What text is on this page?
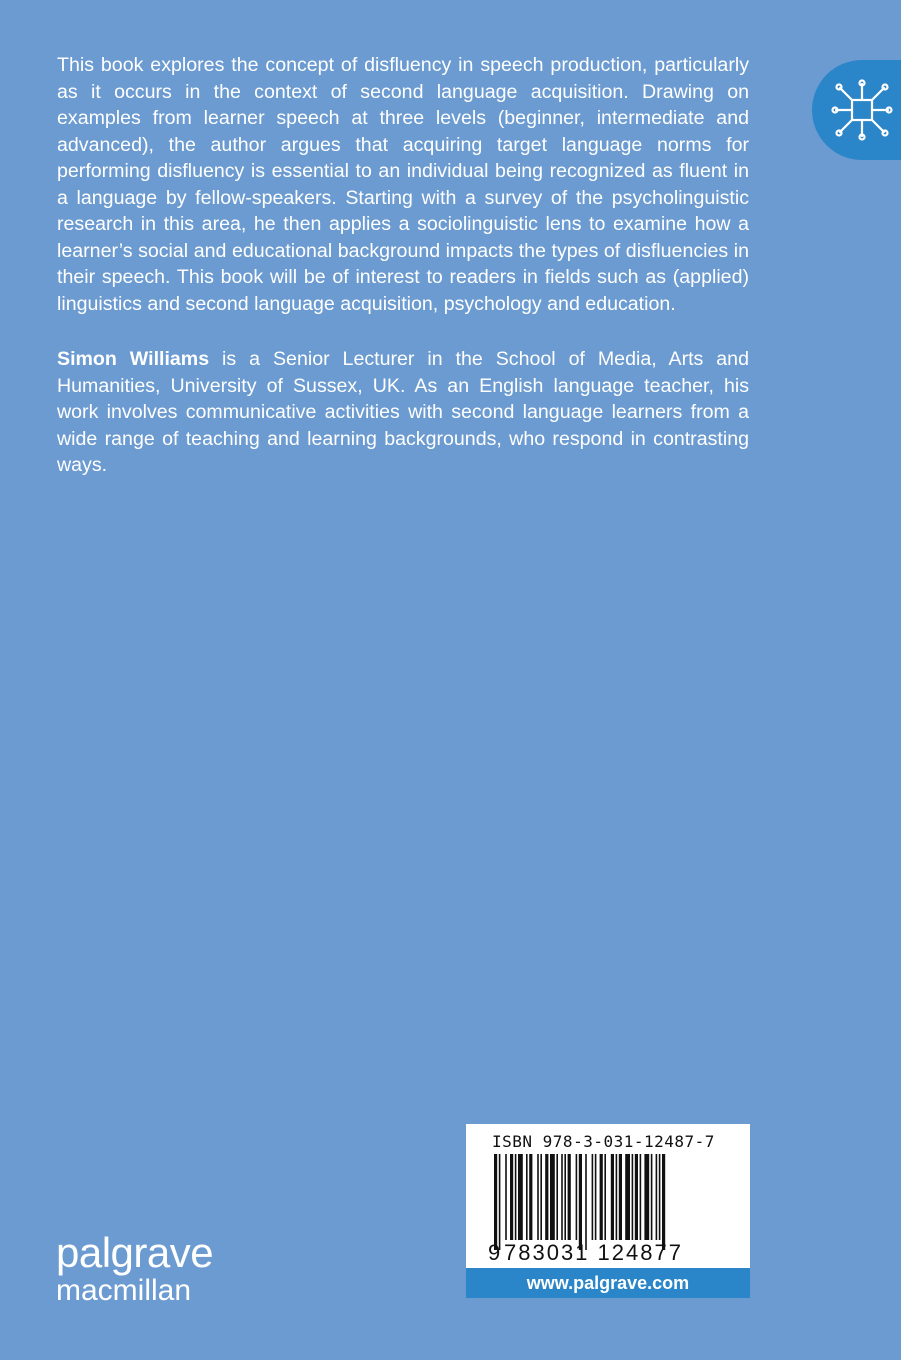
This book explores the concept of disfluency in speech production, particularly as it occurs in the context of second language acquisition. Drawing on examples from learner speech at three levels (beginner, intermediate and advanced), the author argues that acquiring target language norms for performing disfluency is essential to an individual being recognized as fluent in a language by fellow-speakers. Starting with a survey of the psycholinguistic research in this area, he then applies a sociolinguistic lens to examine how a learner’s social and educational background impacts the types of disfluencies in their speech. This book will be of interest to readers in fields such as (applied) linguistics and second language acquisition, psychology and education.

Simon Williams is a Senior Lecturer in the School of Media, Arts and Humanities, University of Sussex, UK. As an English language teacher, his work involves communicative activities with second language learners from a wide range of teaching and learning backgrounds, who respond in contrasting ways.

palgrave
macmillan
ISBN 978-3-031-12487-7
9 783031 124877
www.palgrave.com
